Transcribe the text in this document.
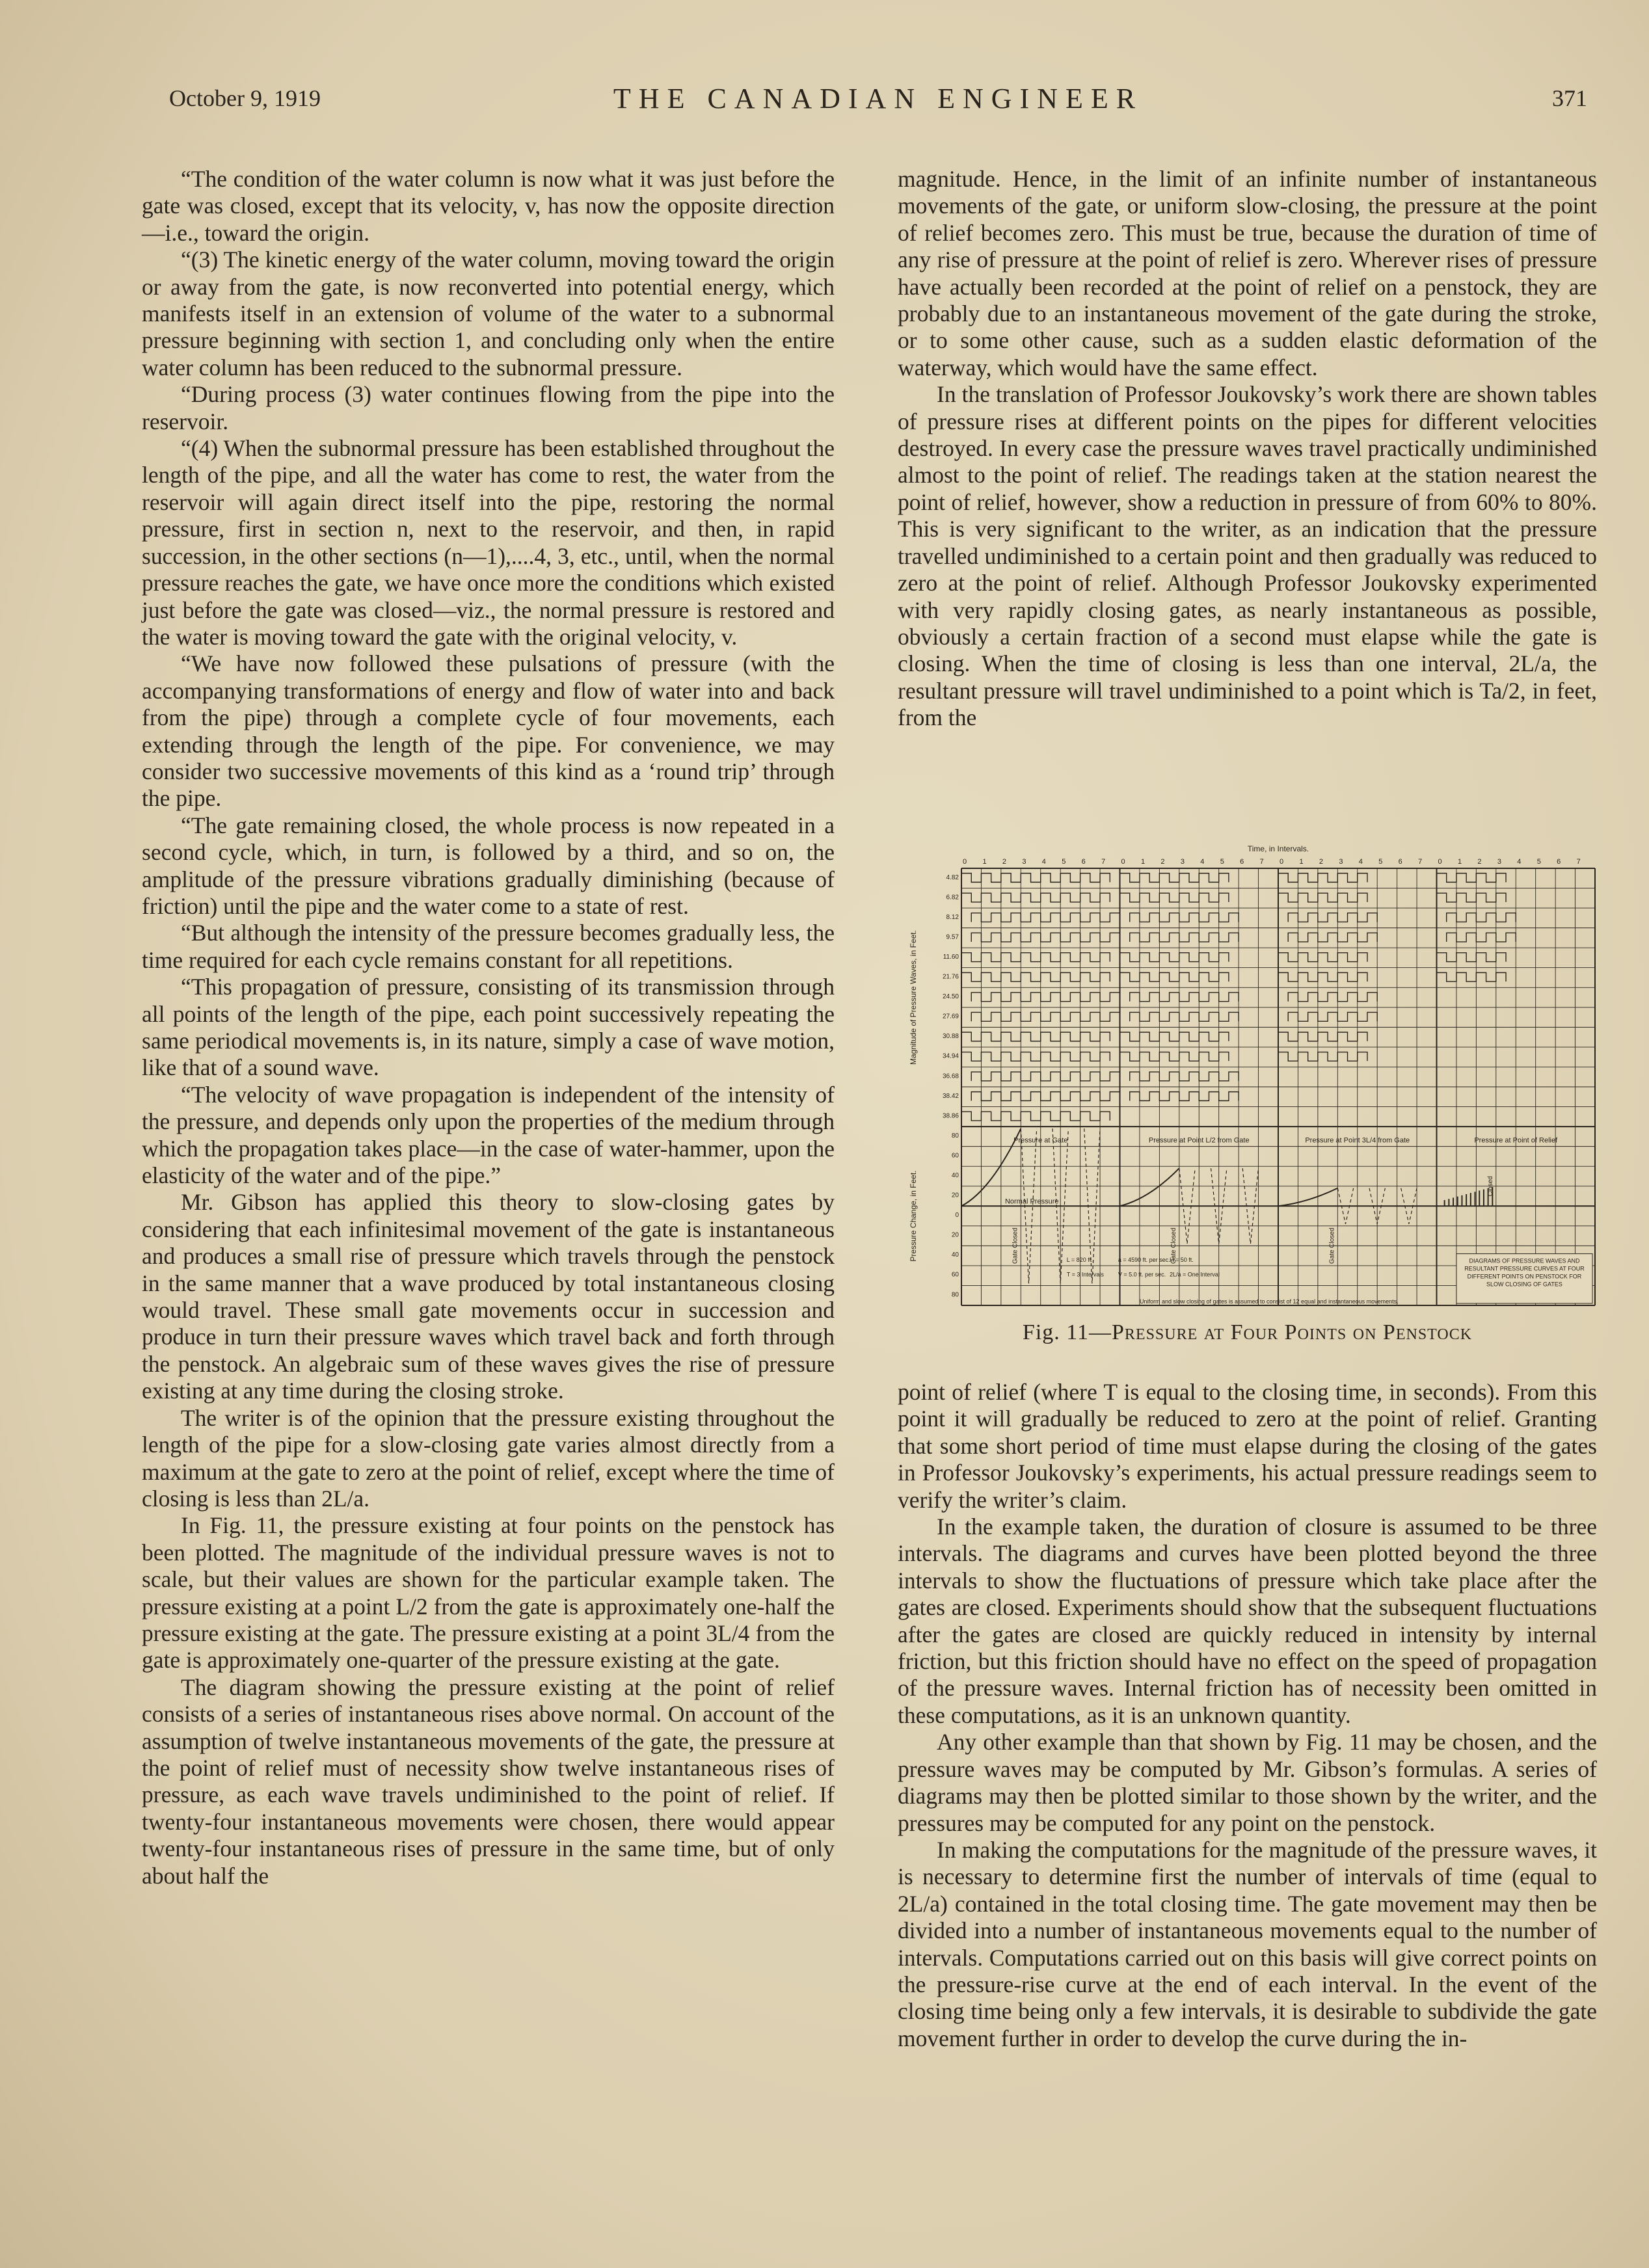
October 9, 1919	THE CANADIAN ENGINEER	371

“The condition of the water column is now what it was just before the gate was closed, except that its velocity, v, has now the opposite direction—i.e., toward the origin.

“(3) The kinetic energy of the water column, moving toward the origin or away from the gate, is now reconverted into potential energy, which manifests itself in an extension of volume of the water to a subnormal pressure beginning with section 1, and concluding only when the entire water column has been reduced to the subnormal pressure.

“During process (3) water continues flowing from the pipe into the reservoir.

“(4) When the subnormal pressure has been established throughout the length of the pipe, and all the water has come to rest, the water from the reservoir will again direct itself into the pipe, restoring the normal pressure, first in section n, next to the reservoir, and then, in rapid succession, in the other sections (n—1),....4, 3, etc., until, when the normal pressure reaches the gate, we have once more the conditions which existed just before the gate was closed—viz., the normal pressure is restored and the water is moving toward the gate with the original velocity, v.

“We have now followed these pulsations of pressure (with the accompanying transformations of energy and flow of water into and back from the pipe) through a complete cycle of four movements, each extending through the length of the pipe. For convenience, we may consider two successive movements of this kind as a ‘round trip’ through the pipe.

“The gate remaining closed, the whole process is now repeated in a second cycle, which, in turn, is followed by a third, and so on, the amplitude of the pressure vibrations gradually diminishing (because of friction) until the pipe and the water come to a state of rest.

“But although the intensity of the pressure becomes gradually less, the time required for each cycle remains constant for all repetitions.

“This propagation of pressure, consisting of its transmission through all points of the length of the pipe, each point successively repeating the same periodical movements is, in its nature, simply a case of wave motion, like that of a sound wave.

“The velocity of wave propagation is independent of the intensity of the pressure, and depends only upon the properties of the medium through which the propagation takes place—in the case of water-hammer, upon the elasticity of the water and of the pipe.”

Mr. Gibson has applied this theory to slow-closing gates by considering that each infinitesimal movement of the gate is instantaneous and produces a small rise of pressure which travels through the penstock in the same manner that a wave produced by total instantaneous closing would travel. These small gate movements occur in succession and produce in turn their pressure waves which travel back and forth through the penstock. An algebraic sum of these waves gives the rise of pressure existing at any time during the closing stroke.

The writer is of the opinion that the pressure existing throughout the length of the pipe for a slow-closing gate varies almost directly from a maximum at the gate to zero at the point of relief, except where the time of closing is less than 2L/a.

In Fig. 11, the pressure existing at four points on the penstock has been plotted. The magnitude of the individual pressure waves is not to scale, but their values are shown for the particular example taken. The pressure existing at a point L/2 from the gate is approximately one-half the pressure existing at the gate. The pressure existing at a point 3L/4 from the gate is approximately one-quarter of the pressure existing at the gate.

The diagram showing the pressure existing at the point of relief consists of a series of instantaneous rises above normal. On account of the assumption of twelve instantaneous movements of the gate, the pressure at the point of relief must of necessity show twelve instantaneous rises of pressure, as each wave travels undiminished to the point of relief. If twenty-four instantaneous movements were chosen, there would appear twenty-four instantaneous rises of pressure in the same time, but of only about half the

magnitude. Hence, in the limit of an infinite number of instantaneous movements of the gate, or uniform slow-closing, the pressure at the point of relief becomes zero. This must be true, because the duration of time of any rise of pressure at the point of relief is zero. Wherever rises of pressure have actually been recorded at the point of relief on a penstock, they are probably due to an instantaneous movement of the gate during the stroke, or to some other cause, such as a sudden elastic deformation of the waterway, which would have the same effect.

In the translation of Professor Joukovsky’s work there are shown tables of pressure rises at different points on the pipes for different velocities destroyed. In every case the pressure waves travel practically undiminished almost to the point of relief. The readings taken at the station nearest the point of relief, however, show a reduction in pressure of from 60% to 80%. This is very significant to the writer, as an indication that the pressure travelled undiminished to a certain point and then gradually was reduced to zero at the point of relief. Although Professor Joukovsky experimented with very rapidly closing gates, as nearly instantaneous as possible, obviously a certain fraction of a second must elapse while the gate is closing. When the time of closing is less than one interval, 2L/a, the resultant pressure will travel undiminished to a point which is Ta/2, in feet, from the

Time, in Intervals.
0 1 2 3 4 5 6 7 0 1 2 3 4 5 6 7 0 1 2 3 4 5 6 7 0 1 2 3 4 5 6 7
4.82
6.82
8.12
9.57
11.60
21.76
24.50
27.69
30.88
34.94
36.68
38.42
38.86
80
60
40
20
0
20
40
60
80
Magnitude of Pressure Waves, in Feet.
Pressure Change, in Feet.	Normal Pressure
Pressure at Gate	Pressure at Point L/2 from Gate	Pressure at Point 3L/4 from Gate	Pressure at Point of Relief
Gate Closed	Gate Closed	Gate Closed
Closed
L = 820 ft.
T = 3 Intervals
a = 4590 ft. per sec.
V = 5.0 ft. per sec.
H = 50 ft.
2L/a = One Interval
Uniform and slow closing of gates is assumed to consist of 12 equal and instantaneous movements.
DIAGRAMS OF PRESSURE WAVES AND
RESULTANT PRESSURE CURVES AT FOUR
DIFFERENT POINTS ON PENSTOCK FOR
SLOW CLOSING OF GATES
Fig. 11—Pressure at Four Points on Penstock

point of relief (where T is equal to the closing time, in seconds). From this point it will gradually be reduced to zero at the point of relief. Granting that some short period of time must elapse during the closing of the gates in Professor Joukovsky’s experiments, his actual pressure readings seem to verify the writer’s claim.

In the example taken, the duration of closure is assumed to be three intervals. The diagrams and curves have been plotted beyond the three intervals to show the fluctuations of pressure which take place after the gates are closed. Experiments should show that the subsequent fluctuations after the gates are closed are quickly reduced in intensity by internal friction, but this friction should have no effect on the speed of propagation of the pressure waves. Internal friction has of necessity been omitted in these computations, as it is an unknown quantity.

Any other example than that shown by Fig. 11 may be chosen, and the pressure waves may be computed by Mr. Gibson’s formulas. A series of diagrams may then be plotted similar to those shown by the writer, and the pressures may be computed for any point on the penstock.

In making the computations for the magnitude of the pressure waves, it is necessary to determine first the number of intervals of time (equal to 2L/a) contained in the total closing time. The gate movement may then be divided into a number of instantaneous movements equal to the number of intervals. Computations carried out on this basis will give correct points on the pressure-rise curve at the end of each interval. In the event of the closing time being only a few intervals, it is desirable to subdivide the gate movement further in order to develop the curve during the in-
